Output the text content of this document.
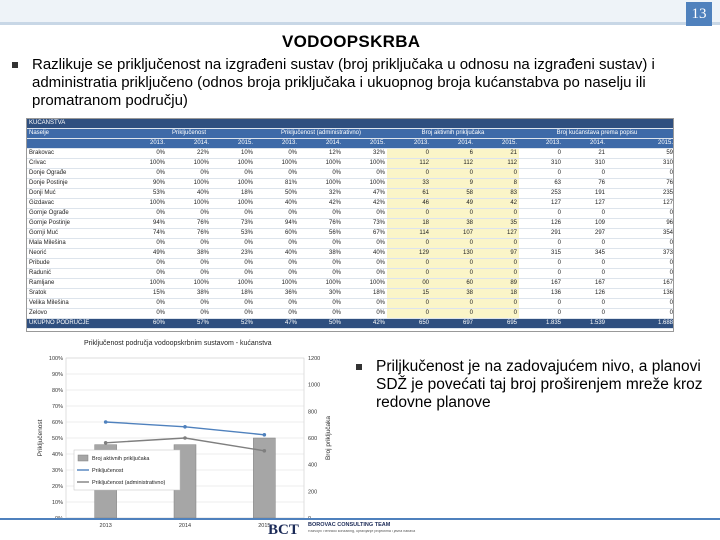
13
VODOOPSKRBA

Razlikuje se priključenost na izgrađeni sustav (broj priključaka u odnosu na izgrađeni sustav) i administratia priključeno (odnos broja priključaka i ukuopnog broja kućanstabva po naselju ili promatranom području)

KUĆANSTVA												
Naselje	Priključenost			Priključenost (administrativno)			Broj aktivnih priključaka			Broj kućanstava prema popisu		
	2013.	2014.	2015.	2013.	2014.	2015.	2013.	2014.	2015.	2013.	2014.	2015.
Brakovac	0%	22%	10%	0%	12%	32%	0	6	21	0	21	59
Crivac	100%	100%	100%	100%	100%	100%	112	112	112	310	310	310
Donje Ograđe	0%	0%	0%	0%	0%	0%	0	0	0	0	0	0
Donje Postinje	90%	100%	100%	81%	100%	100%	33	9	8	63	76	76
Donji Muć	53%	40%	18%	50%	32%	47%	61	58	83	253	191	235
Gizdavac	100%	100%	100%	40%	42%	42%	46	49	42	127	127	127
Gornje Ograđe	0%	0%	0%	0%	0%	0%	0	0	0	0	0	0
Gornje Postinje	94%	76%	73%	94%	76%	73%	18	38	35	126	109	96
Gornji Muć	74%	76%	53%	60%	56%	67%	114	107	127	291	297	354
Mala Milešina	0%	0%	0%	0%	0%	0%	0	0	0	0	0	0
Neorić	49%	38%	23%	40%	38%	40%	129	130	97	315	345	373
Pribude	0%	0%	0%	0%	0%	0%	0	0	0	0	0	0
Radunić	0%	0%	0%	0%	0%	0%	0	0	0	0	0	0
Ramljane	100%	100%	100%	100%	100%	100%	00	60	89	167	167	167
Sratok	15%	38%	18%	36%	30%	18%	15	38	18	136	126	136
Velika Milešina	0%	0%	0%	0%	0%	0%	0	0	0	0	0	0
Zelovo	0%	0%	0%	0%	0%	0%	0	0	0	0	0	0
UKUPNO PODRUČJE	60%	57%	52%	47%	50%	42%	650	697	695	1.835	1.539	1.688
Priključenost područja vodoopskrbnim sustavom - kućanstva
10%
20%
30%
40%
50%
60%
70%
80%
90%
100%
200
400
600
800
1000
1200
2013	2014	2015
Priključenost	Broj priključaka
Broj aktivnih priključaka
Priključenost
Priključenost (administrativno)

Priljkučenost je na zadovajućem nivo, a planovi SDŽ je povećati taj broj proširenjem mreže kroz redovne planove

BCT BOROVAC CONSULTING TEAM
Razvojni i tehnički konzalting, upravljanje projektima i javna nabava
